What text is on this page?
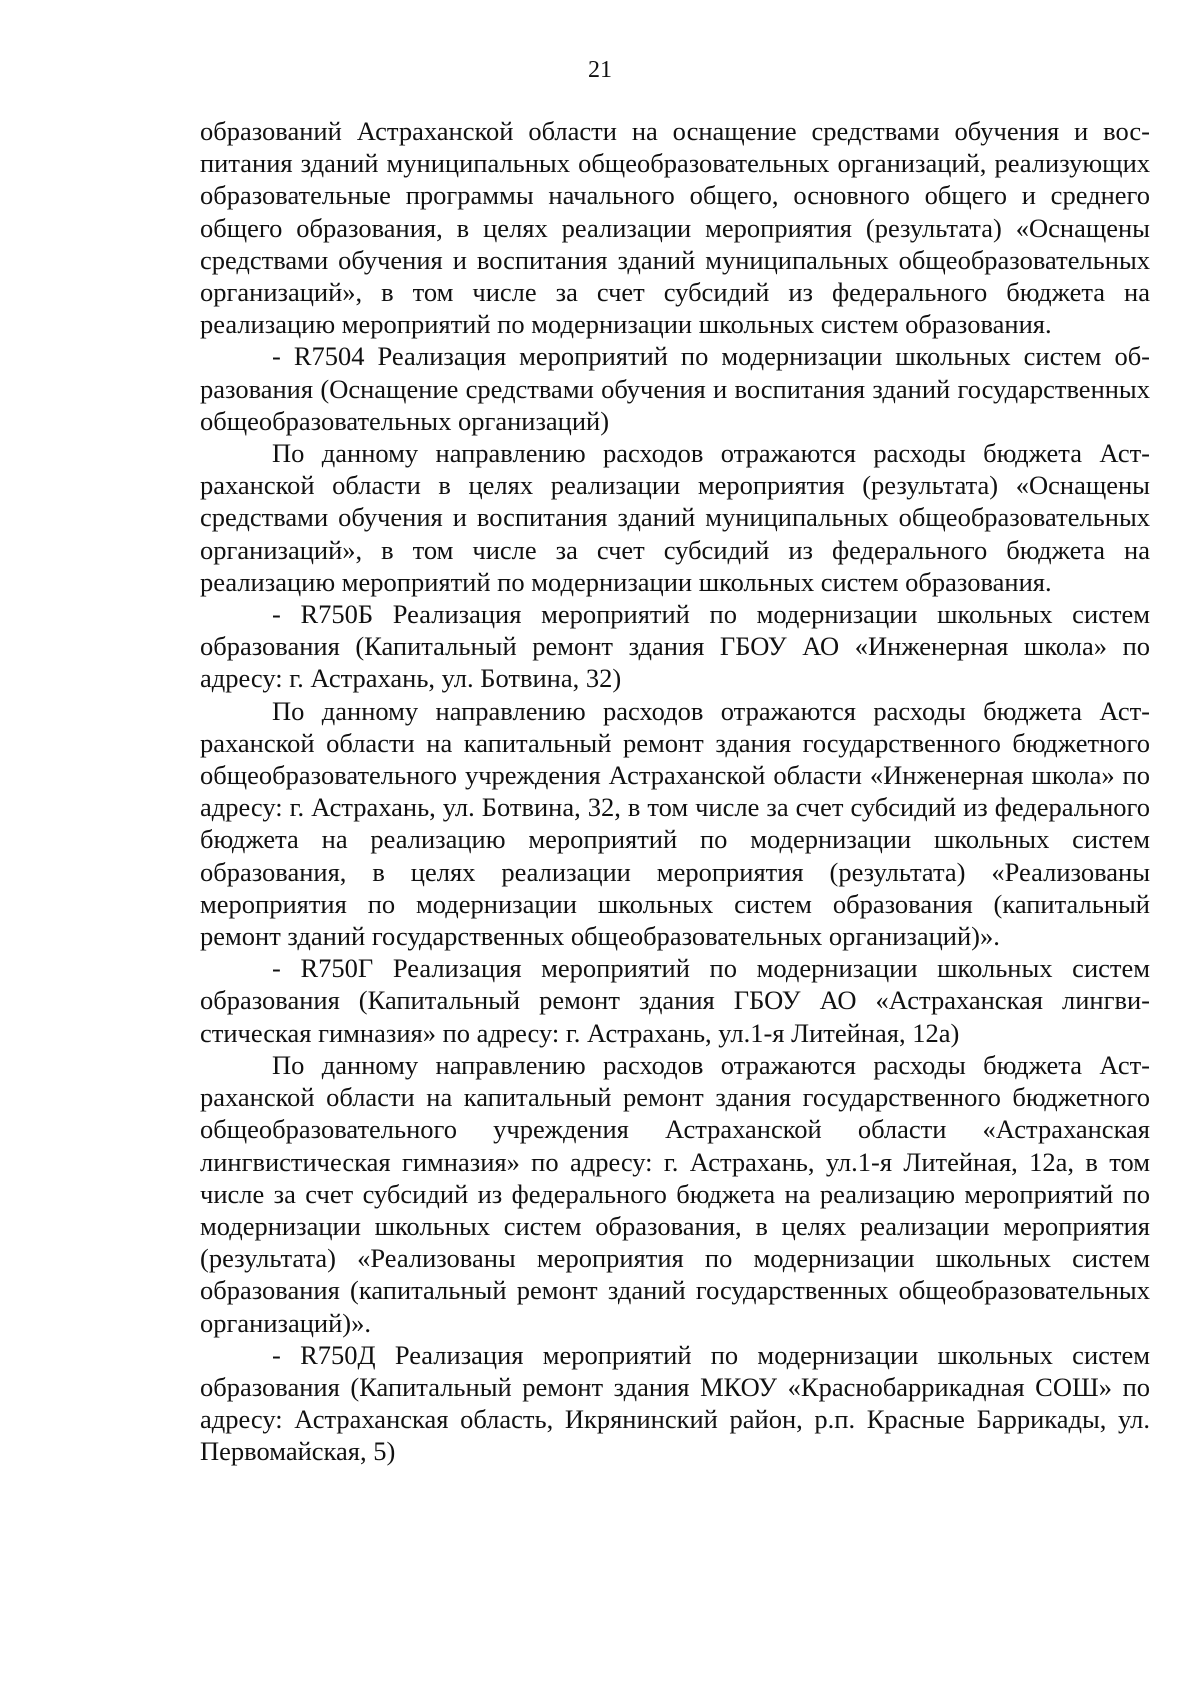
21

образований Астраханской области на оснащение средствами обучения и воспитания зданий муниципальных общеобразовательных организаций, реализующих образовательные программы начального общего, основного общего и среднего общего образования, в целях реализации мероприятия (результата) «Оснащены средствами обучения и воспитания зданий муниципальных общеобразовательных организаций», в том числе за счет субсидий из федерального бюджета на реализацию мероприятий по модернизации школьных систем образования.

- R7504 Реализация мероприятий по модернизации школьных систем образования (Оснащение средствами обучения и воспитания зданий государственных общеобразовательных организаций)

По данному направлению расходов отражаются расходы бюджета Астраханской области в целях реализации мероприятия (результата) «Оснащены средствами обучения и воспитания зданий муниципальных общеобразовательных организаций», в том числе за счет субсидий из федерального бюджета на реализацию мероприятий по модернизации школьных систем образования.

- R750Б Реализация мероприятий по модернизации школьных систем образования (Капитальный ремонт здания ГБОУ АО «Инженерная школа» по адресу: г. Астрахань, ул. Ботвина, 32)

По данному направлению расходов отражаются расходы бюджета Астраханской области на капитальный ремонт здания государственного бюджетного общеобразовательного учреждения Астраханской области «Инженерная школа» по адресу: г. Астрахань, ул. Ботвина, 32, в том числе за счет субсидий из федерального бюджета на реализацию мероприятий по модернизации школьных систем образования, в целях реализации мероприятия (результата) «Реализованы мероприятия по модернизации школьных систем образования (капитальный ремонт зданий государственных общеобразовательных организаций)».

- R750Г Реализация мероприятий по модернизации школьных систем образования (Капитальный ремонт здания ГБОУ АО «Астраханская лингвистическая гимназия» по адресу: г. Астрахань, ул.1-я Литейная, 12а)

По данному направлению расходов отражаются расходы бюджета Астраханской области на капитальный ремонт здания государственного бюджетного общеобразовательного учреждения Астраханской области «Астраханская лингвистическая гимназия» по адресу: г. Астрахань, ул.1-я Литейная, 12а, в том числе за счет субсидий из федерального бюджета на реализацию мероприятий по модернизации школьных систем образования, в целях реализации мероприятия (результата) «Реализованы мероприятия по модернизации школьных систем образования (капитальный ремонт зданий государственных общеобразовательных организаций)».

- R750Д Реализация мероприятий по модернизации школьных систем образования (Капитальный ремонт здания МКОУ «Краснобаррикадная СОШ» по адресу: Астраханская область, Икрянинский район, р.п. Красные Баррикады, ул. Первомайская, 5)
